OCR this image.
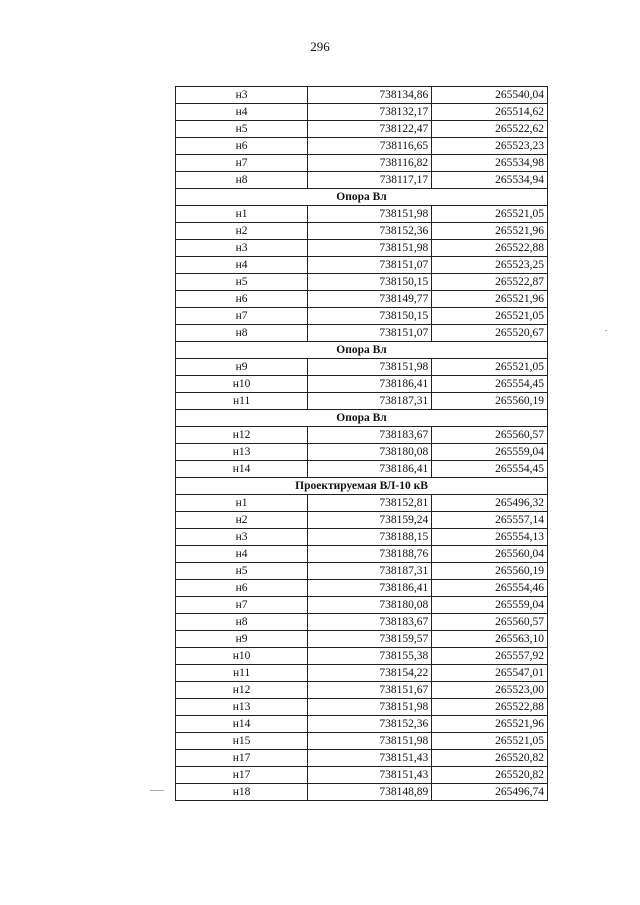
296
н3	738134,86	265540,04
н4	738132,17	265514,62
н5	738122,47	265522,62
н6	738116,65	265523,23
н7	738116,82	265534,98
н8	738117,17	265534,94
Опора Вл		
н1	738151,98	265521,05
н2	738152,36	265521,96
н3	738151,98	265522,88
н4	738151,07	265523,25
н5	738150,15	265522,87
н6	738149,77	265521,96
н7	738150,15	265521,05
н8	738151,07	265520,67
Опора Вл		
н9	738151,98	265521,05
н10	738186,41	265554,45
н11	738187,31	265560,19
Опора Вл		
н12	738183,67	265560,57
н13	738180,08	265559,04
н14	738186,41	265554,45
Проектируемая ВЛ-10 кВ		
н1	738152,81	265496,32
н2	738159,24	265557,14
н3	738188,15	265554,13
н4	738188,76	265560,04
н5	738187,31	265560,19
н6	738186,41	265554,46
н7	738180,08	265559,04
н8	738183,67	265560,57
н9	738159,57	265563,10
н10	738155,38	265557,92
н11	738154,22	265547,01
н12	738151,67	265523,00
н13	738151,98	265522,88
н14	738152,36	265521,96
н15	738151,98	265521,05
н17	738151,43	265520,82
н17	738151,43	265520,82
н18	738148,89	265496,74
